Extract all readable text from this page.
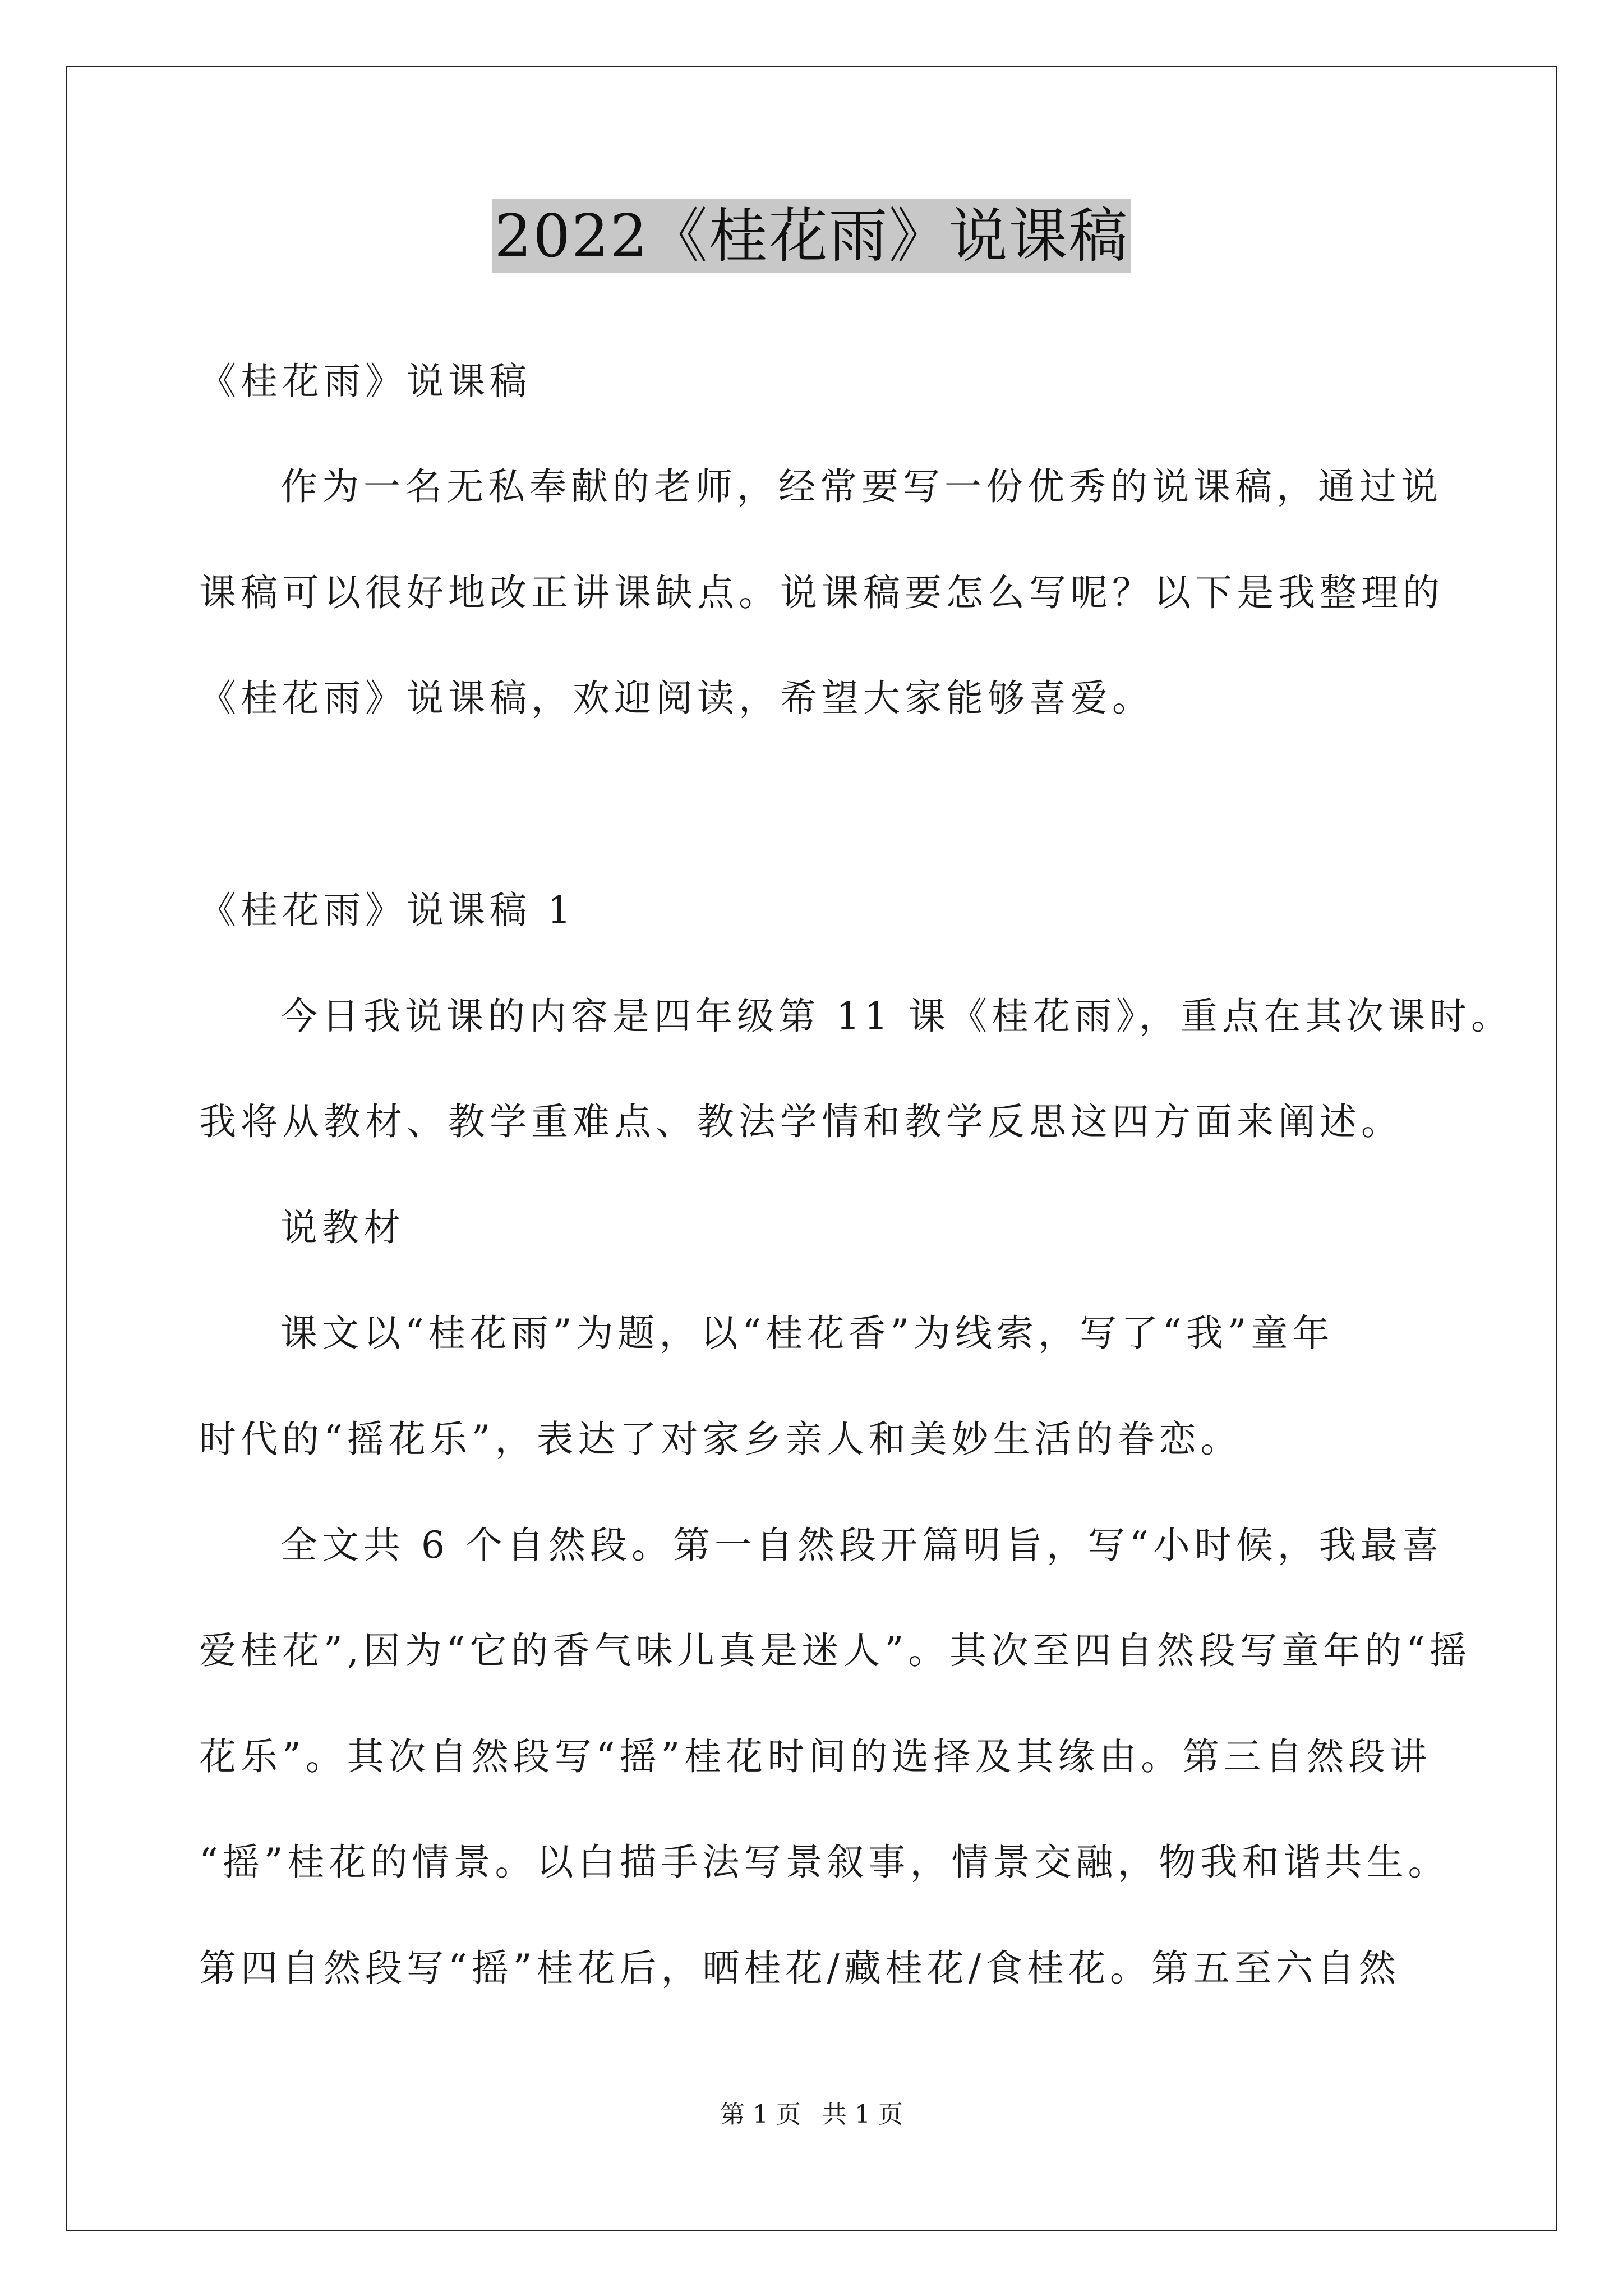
2022《桂花雨》说课稿
《桂花雨》说课稿
作为一名无私奉献的老师，经常要写一份优秀的说课稿，通过说
课稿可以很好地改正讲课缺点。说课稿要怎么写呢？以下是我整理的
《桂花雨》说课稿，欢迎阅读，希望大家能够喜爱。
《桂花雨》说课稿 1
今日我说课的内容是四年级第 11 课《桂花雨》，重点在其次课时。
我将从教材、教学重难点、教法学情和教学反思这四方面来阐述。
说教材
课文以“桂花雨”为题，以“桂花香”为线索，写了“我”童年
时代的“摇花乐”，表达了对家乡亲人和美妙生活的眷恋。
全文共 6 个自然段。第一自然段开篇明旨，写“小时候，我最喜
爱桂花”,因为“它的香气味儿真是迷人”。其次至四自然段写童年的“摇
花乐”。其次自然段写“摇”桂花时间的选择及其缘由。第三自然段讲
“摇”桂花的情景。以白描手法写景叙事，情景交融，物我和谐共生。
第四自然段写“摇”桂花后，晒桂花/藏桂花/食桂花。第五至六自然
第 1 页 共 1 页
